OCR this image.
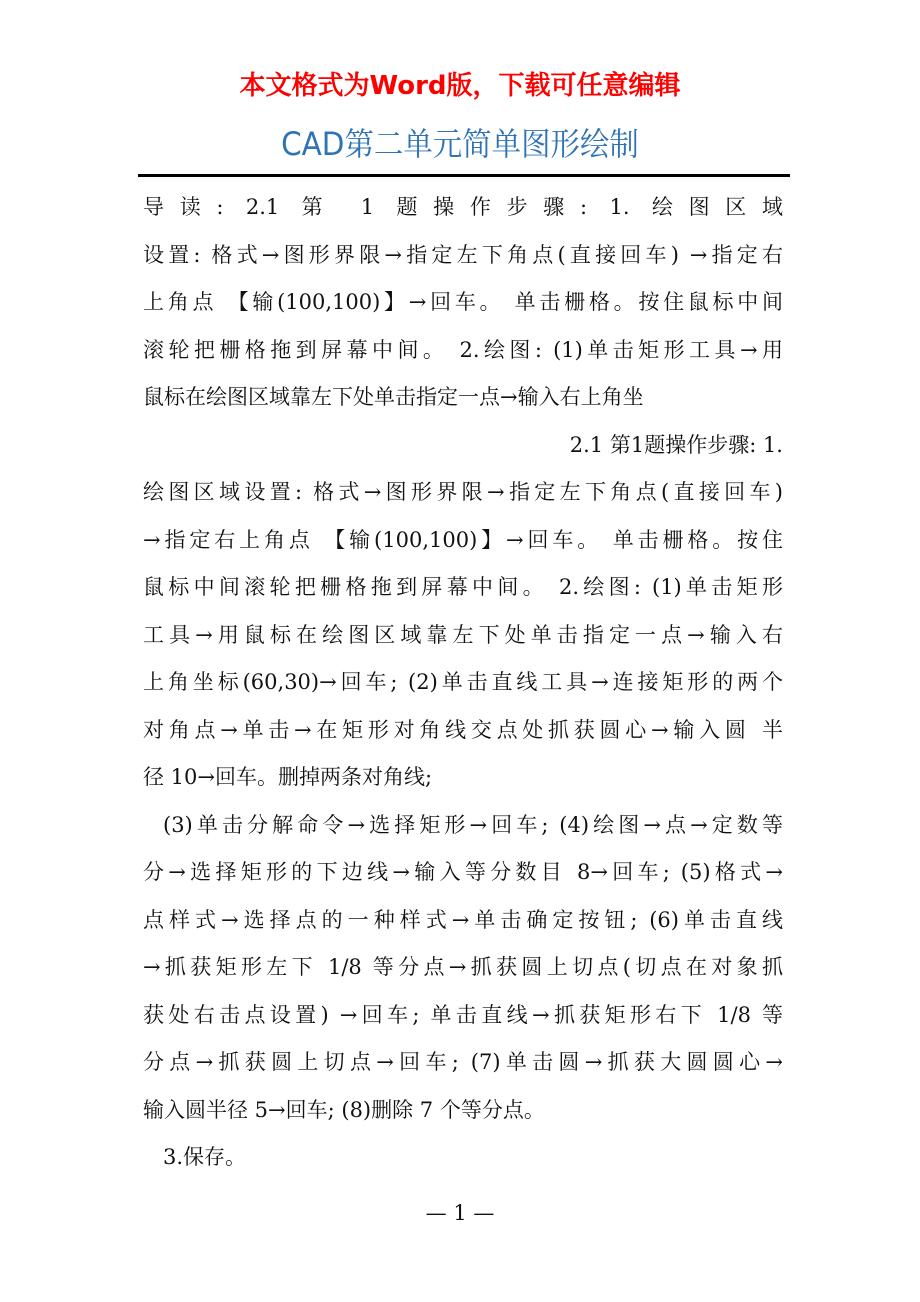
本文格式为Word版，下载可任意编辑
CAD第二单元简单图形绘制
导读: 2.1 第 1 题操作步骤: 1. 绘图区域
设置: 格式→图形界限→指定左下角点(直接回车) →指定右
上角点 【输(100,100)】→回车。 单击栅格。按住鼠标中间
滚轮把栅格拖到屏幕中间。 2.绘图: (1)单击矩形工具→用
鼠标在绘图区域靠左下处单击指定一点→输入右上角坐
2.1 第1题操作步骤: 1.
绘图区域设置: 格式→图形界限→指定左下角点(直接回车)
→指定右上角点 【输(100,100)】→回车。 单击栅格。按住
鼠标中间滚轮把栅格拖到屏幕中间。 2.绘图: (1)单击矩形
工具→用鼠标在绘图区域靠左下处单击指定一点→输入右
上角坐标(60,30)→回车; (2)单击直线工具→连接矩形的两个
对角点→单击→在矩形对角线交点处抓获圆心→输入圆 半
径 10→回车。删掉两条对角线;
(3)单击分解命令→选择矩形→回车; (4)绘图→点→定数等
分→选择矩形的下边线→输入等分数目 8→回车; (5)格式→
点样式→选择点的一种样式→单击确定按钮; (6)单击直线
→抓获矩形左下 1/8 等分点→抓获圆上切点(切点在对象抓
获处右击点设置) →回车; 单击直线→抓获矩形右下 1/8 等
分点→抓获圆上切点→回车; (7)单击圆→抓获大圆圆心→
输入圆半径 5→回车; (8)删除 7 个等分点。
3.保存。
— 1 —
